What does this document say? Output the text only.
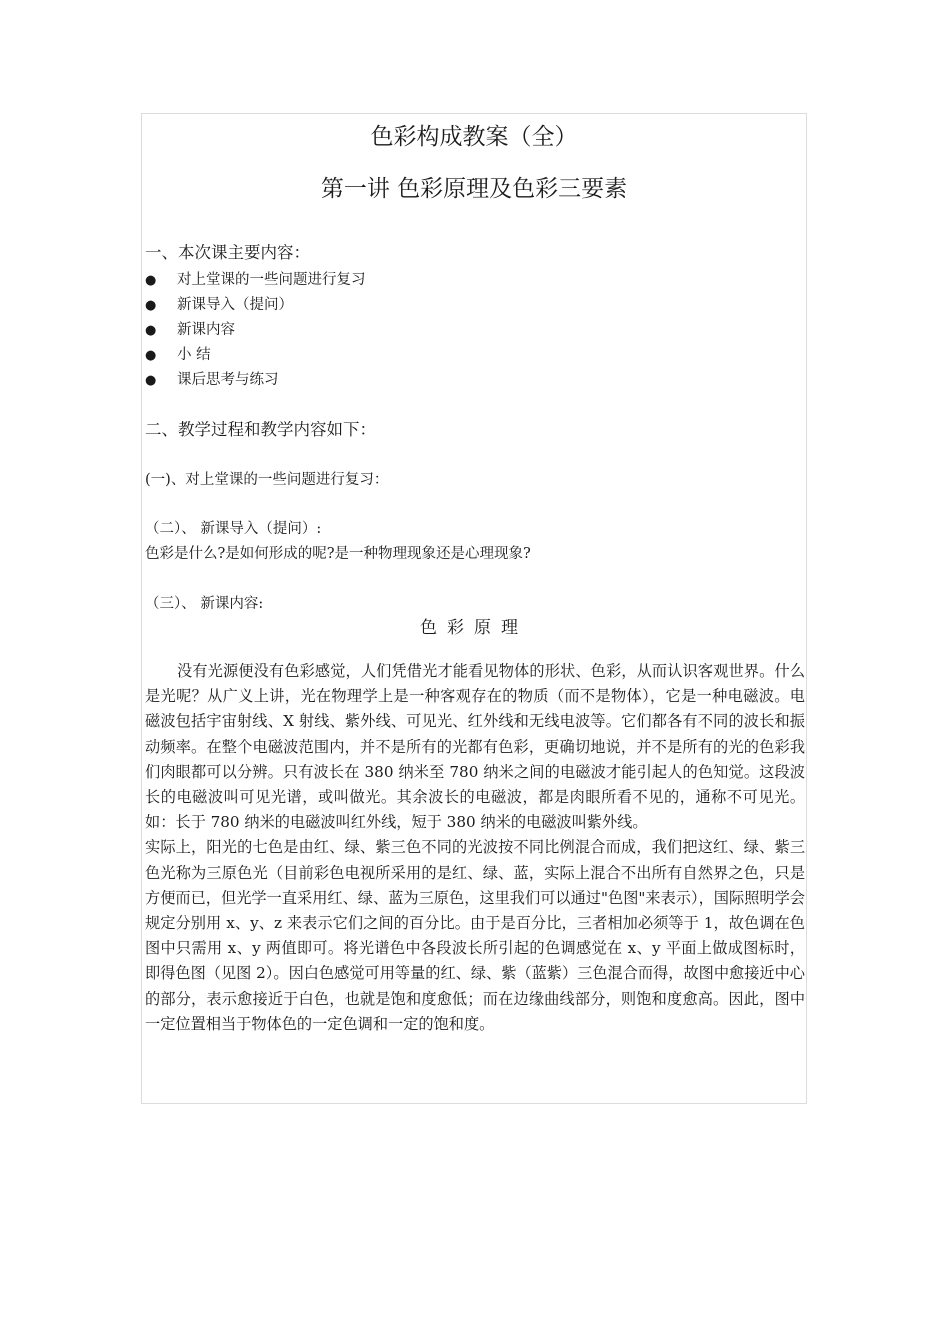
色彩构成教案（全）
第一讲 色彩原理及色彩三要素
一、本次课主要内容：
● 对上堂课的一些问题进行复习
● 新课导入（提问）
● 新课内容
● 小 结
● 课后思考与练习
二、教学过程和教学内容如下：
(一)、对上堂课的一些问题进行复习：
（二）、 新课导入（提问）:
色彩是什么?是如何形成的呢?是一种物理现象还是心理现象?
（三）、 新课内容:
色彩原理

没有光源便没有色彩感觉，人们凭借光才能看见物体的形状、色彩，从而认识客观世界。什么是光呢？从广义上讲，光在物理学上是一种客观存在的物质（而不是物体），它是一种电磁波。电磁波包括宇宙射线、X 射线、紫外线、可见光、红外线和无线电波等。它们都各有不同的波长和振动频率。在整个电磁波范围内，并不是所有的光都有色彩，更确切地说，并不是所有的光的色彩我们肉眼都可以分辨。只有波长在 380 纳米至 780 纳米之间的电磁波才能引起人的色知觉。这段波长的电磁波叫可见光谱，或叫做光。其余波长的电磁波，都是肉眼所看不见的，通称不可见光。如：长于 780 纳米的电磁波叫红外线，短于 380 纳米的电磁波叫紫外线。

实际上，阳光的七色是由红、绿、紫三色不同的光波按不同比例混合而成，我们把这红、绿、紫三色光称为三原色光（目前彩色电视所采用的是红、绿、蓝，实际上混合不出所有自然界之色，只是方便而已，但光学一直采用红、绿、蓝为三原色，这里我们可以通过"色图"来表示），国际照明学会规定分别用 x、y、z 来表示它们之间的百分比。由于是百分比，三者相加必须等于 1，故色调在色图中只需用 x、y 两值即可。将光谱色中各段波长所引起的色调感觉在 x、y 平面上做成图标时，即得色图（见图 2）。因白色感觉可用等量的红、绿、紫（蓝紫）三色混合而得，故图中愈接近中心的部分，表示愈接近于白色，也就是饱和度愈低；而在边缘曲线部分，则饱和度愈高。因此，图中一定位置相当于物体色的一定色调和一定的饱和度。
